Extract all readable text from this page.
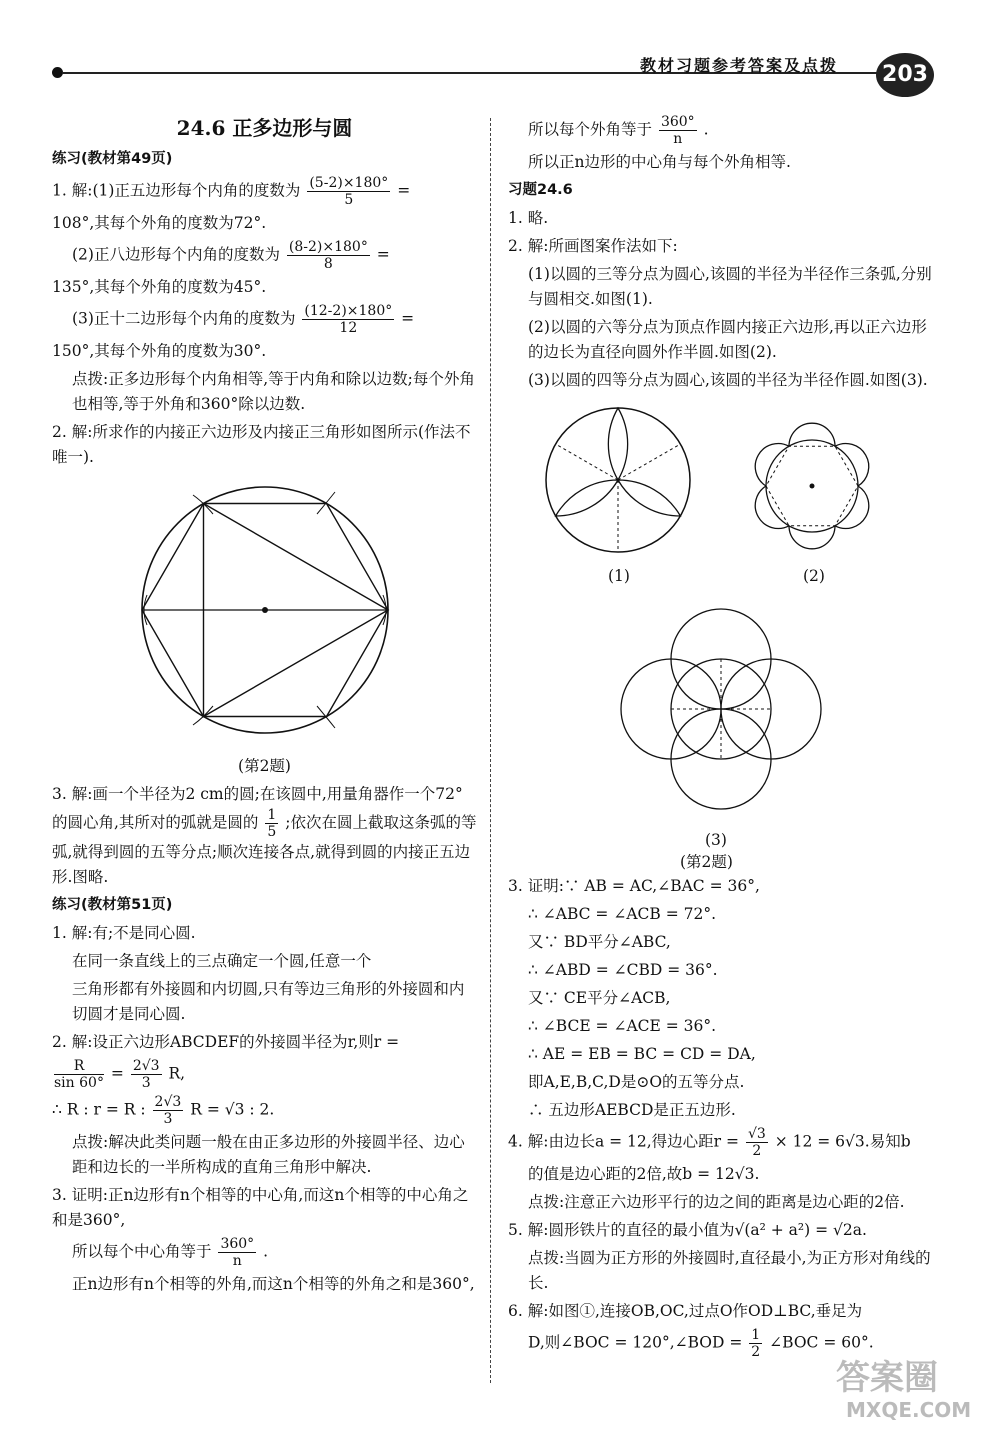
教材习题参考答案及点拨 203

24.6 正多边形与圆

练习(教材第49页)

1. 解:(1)正五边形每个内角的度数为 $\frac{(5-2)\times 180^\circ}{5}$ =

108°,其每个外角的度数为72°.

(2)正八边形每个内角的度数为 $\frac{(8-2)\times 180^\circ}{8}$ =

135°,其每个外角的度数为45°.

(3)正十二边形每个内角的度数为 $\frac{(12-2)\times 180^\circ}{12}$ =

150°,其每个外角的度数为30°.

点拨:正多边形每个内角相等,等于内角和除以边数;每个外角也相等,等于外角和360°除以边数.

2. 解:所求作的内接正六边形及内接正三角形如图所示(作法不唯一).

(第2题)

3. 解:画一个半径为2 cm的圆;在该圆中,用量角器作一个72°的圆心角,其所对的弧就是圆的 $\frac{1}{5}$ ;依次在圆上截取这条弧的等弧,就得到圆的五等分点;顺次连接各点,就得到圆的内接正五边形.图略.

练习(教材第51页)

1. 解:有;不是同心圆.

在同一条直线上的三点确定一个圆,任意一个

三角形都有外接圆和内切圆,只有等边三角形的外接圆和内切圆才是同心圆.

2. 解:设正六边形ABCDEF的外接圆半径为r,则r =

$\frac{R}{\sin 60^\circ} = \frac{2√3}{3} R$,

∴ R : r = R : $\frac{2√3}{3}$ R = √3 : 2.

点拨:解决此类问题一般在由正多边形的外接圆半径、边心距和边长的一半所构成的直角三角形中解决.

3. 证明:正n边形有n个相等的中心角,而这n个相等的中心角之和是360°,

所以每个中心角等于 $\frac{360^\circ}{n}$ .

正n边形有n个相等的外角,而这n个相等的外角之和是360°,

所以每个外角等于 $\frac{360^\circ}{n}$ .

所以正n边形的中心角与每个外角相等.

习题24.6

1. 略.

2. 解:所画图案作法如下:

(1)以圆的三等分点为圆心,该圆的半径为半径作三条弧,分别与圆相交.如图(1).

(2)以圆的六等分点为顶点作圆内接正六边形,再以正六边形的边长为直径向圆外作半圆.如图(2).

(3)以圆的四等分点为圆心,该圆的半径为半径作圆.如图(3).

(1)	(2)

(3)

(第2题)

3. 证明:∵ AB = AC,∠BAC = 36°,

∴ ∠ABC = ∠ACB = 72°.

又∵ BD平分∠ABC,

∴ ∠ABD = ∠CBD = 36°.

又∵ CE平分∠ACB,

∴ ∠BCE = ∠ACE = 36°.

∴ AE = EB = BC = CD = DA,

即A,E,B,C,D是⊙O的五等分点.

∴ 五边形AEBCD是正五边形.

4. 解:由边长a = 12,得边心距$r = \frac{√3}{2} \times 12 = 6√3$.易知b

的值是边心距的2倍,故b = 12√3.

点拨:注意正六边形平行的边之间的距离是边心距的2倍.

5. 解:圆形铁片的直径的最小值为√(a² + a²) = √2a.

点拨:当圆为正方形的外接圆时,直径最小,为正方形对角线的长.

6. 解:如图①,连接OB,OC,过点O作OD⊥BC,垂足为

D,则∠BOC = 120°,∠BOD = $\frac{1}{2}$ ∠BOC = 60°.

答案圈
MXQE.COM
